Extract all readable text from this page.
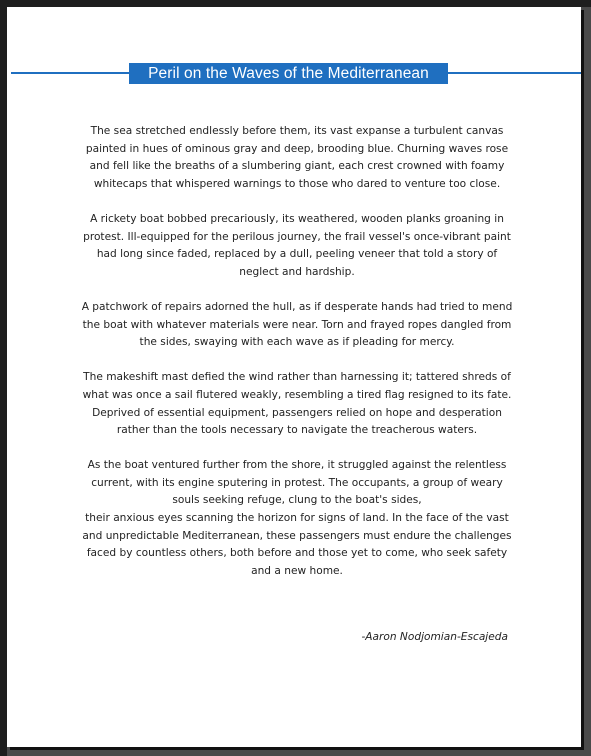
Peril on the Waves of the Mediterranean

The sea stretched endlessly before them, its vast expanse a turbulent canvas painted in hues of ominous gray and deep, brooding blue. Churning waves rose and fell like the breaths of a slumbering giant, each crest crowned with foamy whitecaps that whispered warnings to those who dared to venture too close.

A rickety boat bobbed precariously, its weathered, wooden planks groaning in protest. Ill-equipped for the perilous journey, the frail vessel's once-vibrant paint had long since faded, replaced by a dull, peeling veneer that told a story of neglect and hardship.

A patchwork of repairs adorned the hull, as if desperate hands had tried to mend the boat with whatever materials were near. Torn and frayed ropes dangled from the sides, swaying with each wave as if pleading for mercy.

The makeshift mast defied the wind rather than harnessing it; tattered shreds of what was once a sail flutered weakly, resembling a tired flag resigned to its fate. Deprived of essential equipment, passengers relied on hope and desperation rather than the tools necessary to navigate the treacherous waters.

As the boat ventured further from the shore, it struggled against the relentless current, with its engine sputering in protest. The occupants, a group of weary souls seeking refuge, clung to the boat's sides,
their anxious eyes scanning the horizon for signs of land. In the face of the vast and unpredictable Mediterranean, these passengers must endure the challenges faced by countless others, both before and those yet to come, who seek safety and a new home.
-Aaron Nodjomian-Escajeda
